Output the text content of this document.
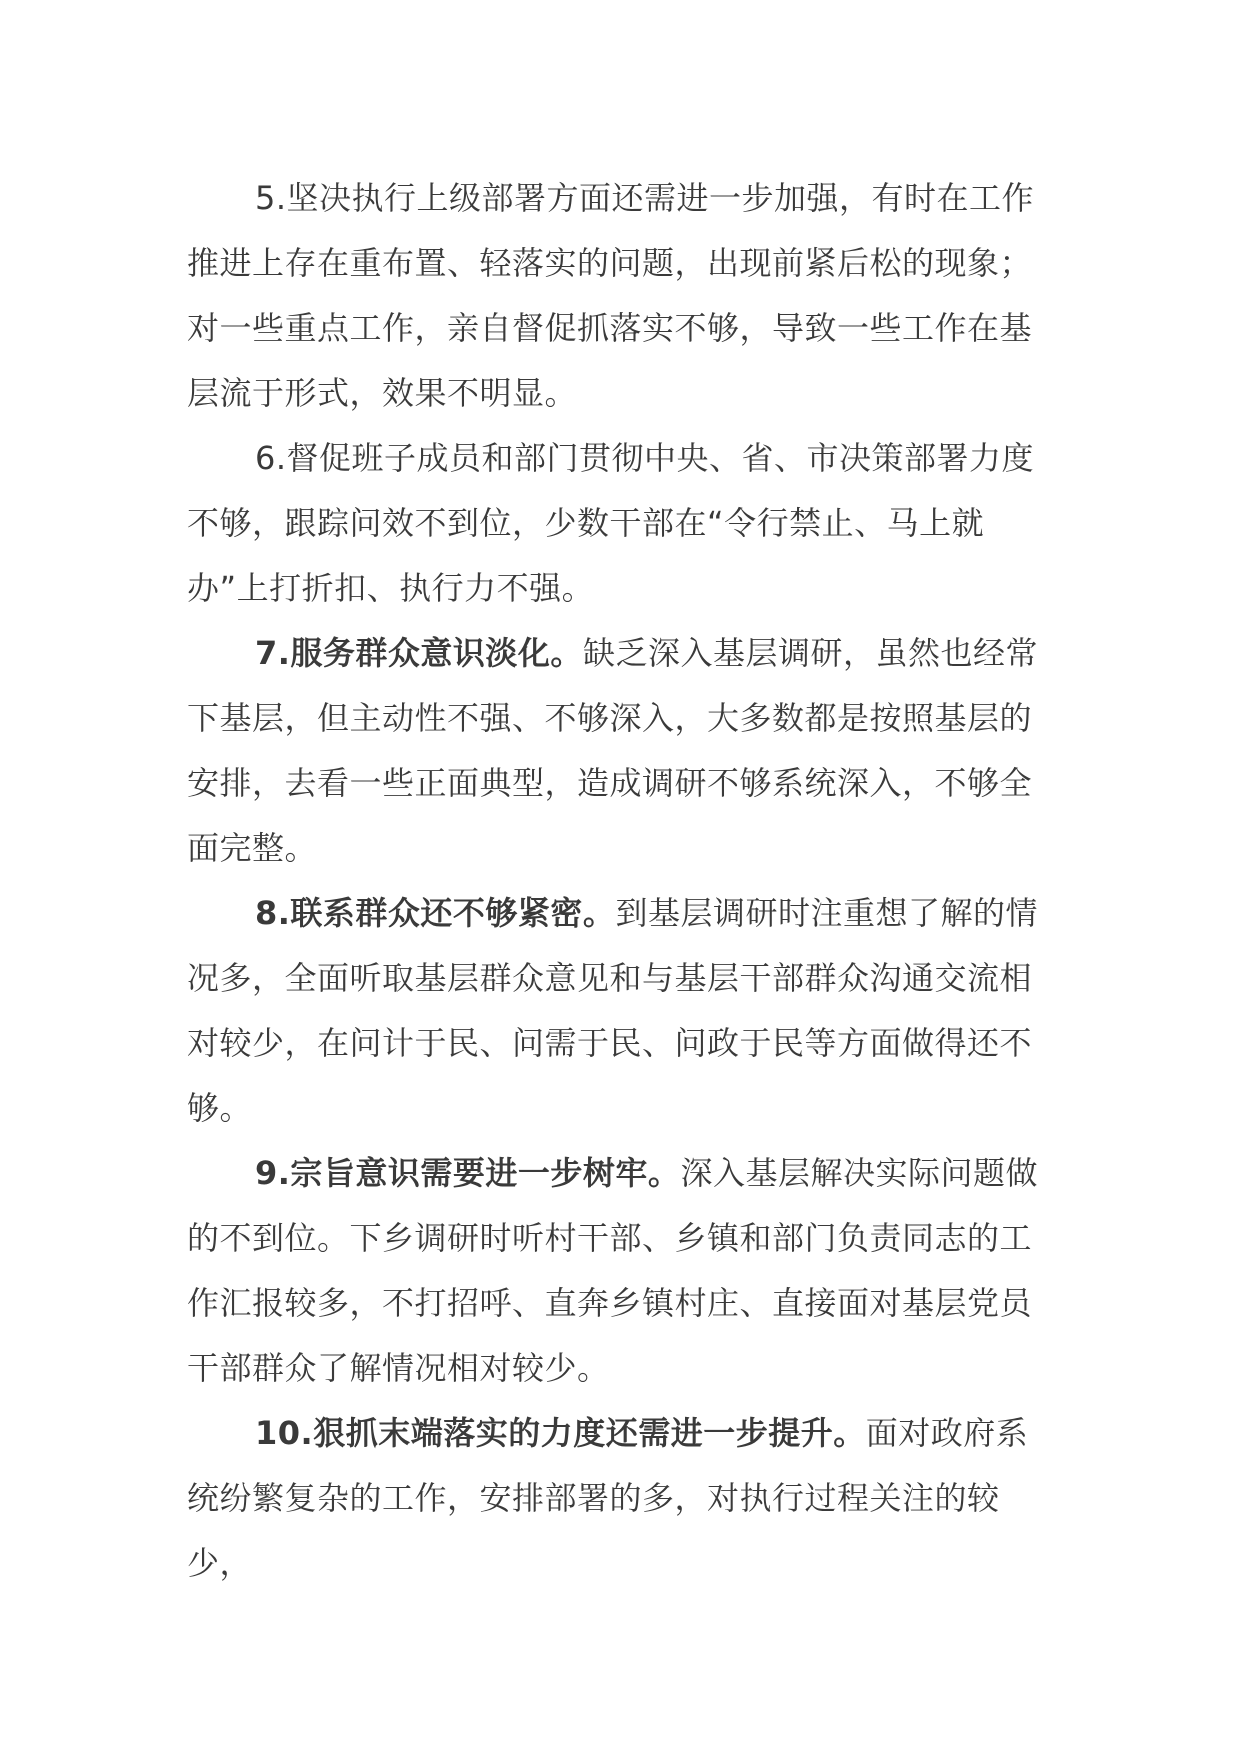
5.坚决执行上级部署方面还需进一步加强，有时在工作推进上存在重布置、轻落实的问题，出现前紧后松的现象；对一些重点工作，亲自督促抓落实不够，导致一些工作在基层流于形式，效果不明显。

6.督促班子成员和部门贯彻中央、省、市决策部署力度不够，跟踪问效不到位，少数干部在“令行禁止、马上就办”上打折扣、执行力不强。

7.服务群众意识淡化。缺乏深入基层调研，虽然也经常下基层，但主动性不强、不够深入，大多数都是按照基层的安排，去看一些正面典型，造成调研不够系统深入，不够全面完整。

8.联系群众还不够紧密。到基层调研时注重想了解的情况多，全面听取基层群众意见和与基层干部群众沟通交流相对较少，在问计于民、问需于民、问政于民等方面做得还不够。

9.宗旨意识需要进一步树牢。深入基层解决实际问题做的不到位。下乡调研时听村干部、乡镇和部门负责同志的工作汇报较多，不打招呼、直奔乡镇村庄、直接面对基层党员干部群众了解情况相对较少。

10.狠抓末端落实的力度还需进一步提升。面对政府系统纷繁复杂的工作，安排部署的多，对执行过程关注的较少，
